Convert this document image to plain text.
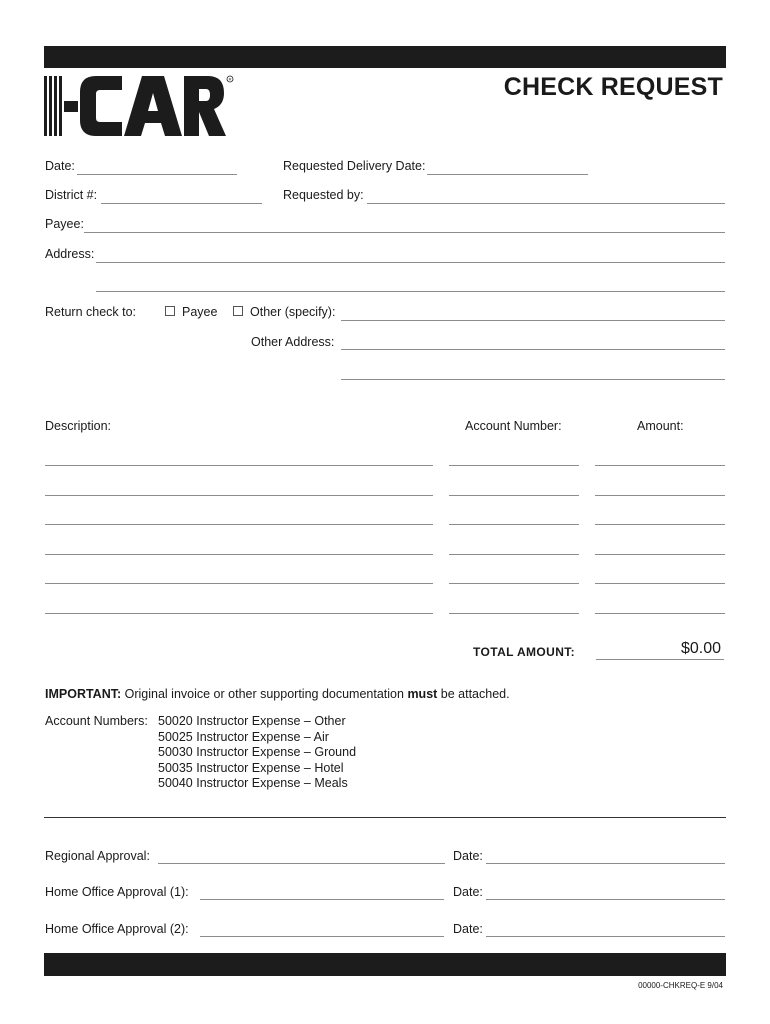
R	CHECK REQUEST
Date:	Requested Delivery Date:
District #:	Requested by:
Payee:
Address:
Return check to:	Payee	Other (specify):
Other Address:
Description:	Account Number:	Amount:
TOTAL AMOUNT:	$0.00
IMPORTANT: Original invoice or other supporting documentation must be attached.
Account Numbers: 50020 Instructor Expense – Other
50025 Instructor Expense – Air
50030 Instructor Expense – Ground
50035 Instructor Expense – Hotel
50040 Instructor Expense – Meals
Regional Approval:	Date:
Home Office Approval (1):	Date:
Home Office Approval (2):	Date:
00000-CHKREQ-E 9/04
